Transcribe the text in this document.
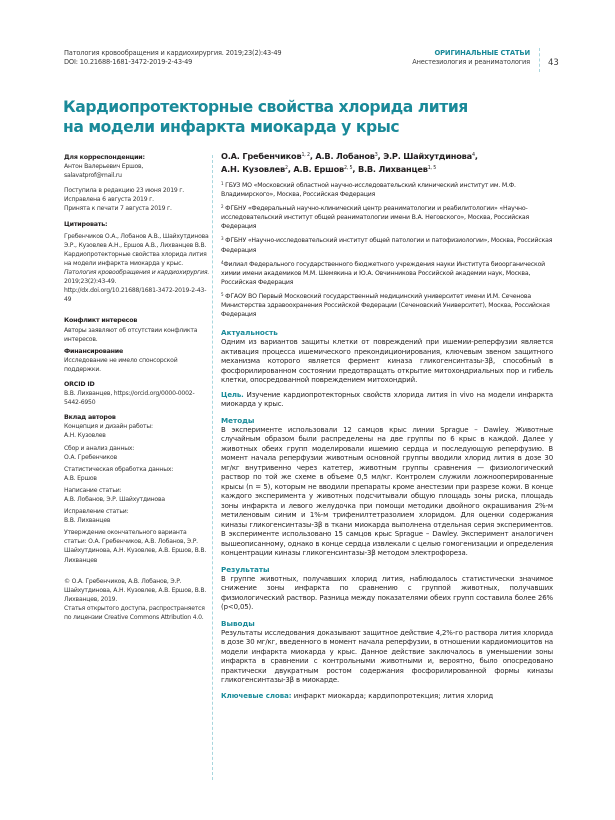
Патология кровообращения и кардиохирургия. 2019;23(2):43-49
DOI: 10.21688-1681-3472-2019-2-43-49
ОРИГИНАЛЬНЫЕ СТАТЬИ
Анестезиология и реаниматология 43
Кардиопротекторные свойства хлорида лития
на модели инфаркта миокарда у крыс

Для корреспонденции:

Антон Валерьевич Ершов,

salavatprof@mail.ru

Поступила в редакцию 23 июня 2019 г.

Исправлена 6 августа 2019 г.

Принята к печати 7 августа 2019 г.

Цитировать:

Гребенчиков О.А., Лобанов А.В., Шайхутдинова Э.Р., Кузовлев А.Н., Ершов А.В., Лихванцев В.В. Кардиопротекторные свойства хлорида лития на модели инфаркта миокарда у крыс. Патология кровообращения и кардиохирургия. 2019;23(2):43-49. http://dx.doi.org/10.21688/1681-3472-2019-2-43-49

Конфликт интересов

Авторы заявляют об отсутствии конфликта интересов.

Финансирование

Исследование не имело спонсорской поддержки.

ORCID ID

В.В. Лихванцев, https://orcid.org/0000-0002-5442-6950

Вклад авторов

Концепция и дизайн работы:

А.Н. Кузовлев

Сбор и анализ данных:

О.А. Гребенчиков

Статистическая обработка данных:

А.В. Ершов

Написание статьи:

А.В. Лобанов, Э.Р. Шайхутдинова

Исправление статьи:

В.В. Лихванцев

Утверждение окончательного варианта статьи: О.А. Гребенчиков, А.В. Лобанов, Э.Р. Шайхутдинова, А.Н. Кузовлев, А.В. Ершов, В.В. Лихванцев

© О.А. Гребенчиков, А.В. Лобанов, Э.Р. Шайхутдинова, А.Н. Кузовлев, А.В. Ершов, В.В. Лихванцев, 2019.

Статья открытого доступа, распространяется по лицензии Creative Commons Attribution 4.0.

О.А. Гребенчиков$^{1, 2}$, А.В. Лобанов$^3$, Э.Р. Шайхутдинова$^4$,
А.Н. Кузовлев$^2$, А.В. Ершов$^{2, 5}$, В.В. Лихванцев$^{1, 5}$

$^1$ ГБУЗ МО «Московский областной научно-исследовательский клинический институт им. М.Ф. Владимирского», Москва, Российская Федерация

$^2$ ФГБНУ «Федеральный научно-клинический центр реаниматологии и реабилитологии» «Научно-исследовательский институт общей реаниматологии имени В.А. Неговского», Москва, Российская Федерация

$^3$ ФГБНУ «Научно-исследовательский институт общей патологии и патофизиологии», Москва, Российская Федерация

$^4$Филиал Федерального государственного бюджетного учреждения науки Института биоорганической химии имени академиков М.М. Шемякина и Ю.А. Овчинникова Российской академии наук, Москва, Российская Федерация

$^5$ ФГАОУ ВО Первый Московский государственный медицинский университет имени И.М. Сеченова Министерства здравоохранения Российской Федерации (Сеченовский Университет), Москва, Российская Федерация

Актуальность

Одним из вариантов защиты клетки от повреждений при ишемии-реперфузии является активация процесса ишемического прекондиционирования, ключевым звеном защитного механизма которого является фермент киназа гликогенсинтазы-3β, способный в фосфорилированном состоянии предотвращать открытие митохондриальных пор и гибель клетки, опосредованной повреждением митохондрий.

Цель. Изучение кардиопротекторных свойств хлорида лития in vivo на модели инфаркта миокарда у крыс.

Методы

В эксперименте использовали 12 самцов крыс линии Sprague – Dawley. Животные случайным образом были распределены на две группы по 6 крыс в каждой. Далее у животных обеих групп моделировали ишемию сердца и последующую реперфузию. В момент начала реперфузии животным основной группы вводили хлорид лития в дозе 30 мг/кг внутривенно через катетер, животным группы сравнения — физиологический раствор по той же схеме в объеме 0,5 мл/кг. Контролем служили ложнооперированные крысы (n = 5), которым не вводили препараты кроме анестезии при разрезе кожи. В конце каждого эксперимента у животных подсчитывали общую площадь зоны риска, площадь зоны инфаркта и левого желудочка при помощи методики двойного окрашивания 2%-м метиленовым синим и 1%-м трифенилтетразолием хлоридом. Для оценки содержания киназы гликогенсинтазы-3β в ткани миокарда выполнена отдельная серия экспериментов. В эксперименте использовано 15 самцов крыс Sprague – Dawley. Эксперимент аналогичен вышеописанному, однако в конце сердца извлекали с целью гомогенизации и определения концентрации киназы гликогенсинтазы-3β методом электрофореза.

Результаты

В группе животных, получавших хлорид лития, наблюдалось статистически значимое снижение зоны инфаркта по сравнению с группой животных, получавших физиологический раствор. Разница между показателями обеих групп составила более 26% (p<0,05).

Выводы

Результаты исследования доказывают защитное действие 4,2%-го раствора лития хлорида в дозе 30 мг/кг, введенного в момент начала реперфузии, в отношении кардиомиоцитов на модели инфаркта миокарда у крыс. Данное действие заключалось в уменьшении зоны инфаркта в сравнении с контрольными животными и, вероятно, было опосредовано практически двукратным ростом содержания фосфорилированной формы киназы гликогенсинтазы-3β в миокарде.

Ключевые слова: инфаркт миокарда; кардипопротекция; лития хлорид
